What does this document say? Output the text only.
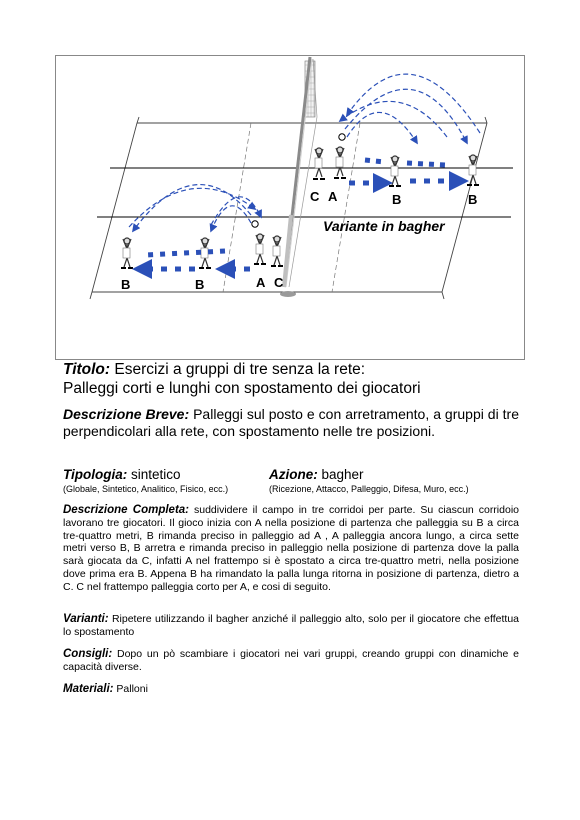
C A	B	B
B	B	A C
Variante in bagher
Titolo: Esercizi a gruppi di tre senza la rete:
Palleggi corti e lunghi con spostamento dei giocatori
Descrizione Breve: Palleggi sul posto e con arretramento, a gruppi di tre perpendicolari alla rete, con spostamento nelle tre posizioni.
Tipologia: sintetico	Azione: bagher
(Globale, Sintetico, Analitico, Fisico, ecc.)	(Ricezione, Attacco, Palleggio, Difesa, Muro, ecc.)
Descrizione Completa: suddividere il campo in tre corridoi per parte. Su ciascun corridoio lavorano tre giocatori. Il gioco inizia con A nella posizione di partenza che palleggia su B a circa tre-quattro metri, B rimanda preciso in palleggio ad A , A palleggia ancora lungo, a circa sette metri verso B, B arretra e rimanda preciso in palleggio nella posizione di partenza dove la palla sarà giocata da C, infatti A nel frattempo si è spostato a circa tre-quattro metri, nella posizione dove prima era B. Appena B ha rimandato la palla lunga ritorna in posizione di partenza, dietro a C. C nel frattempo palleggia corto per A, e cosi di seguito.
Varianti: Ripetere utilizzando il bagher anziché il palleggio alto, solo per il giocatore che effettua lo spostamento
Consigli: Dopo un pò scambiare i giocatori nei vari gruppi, creando gruppi con dinamiche e capacità diverse.
Materiali: Palloni
